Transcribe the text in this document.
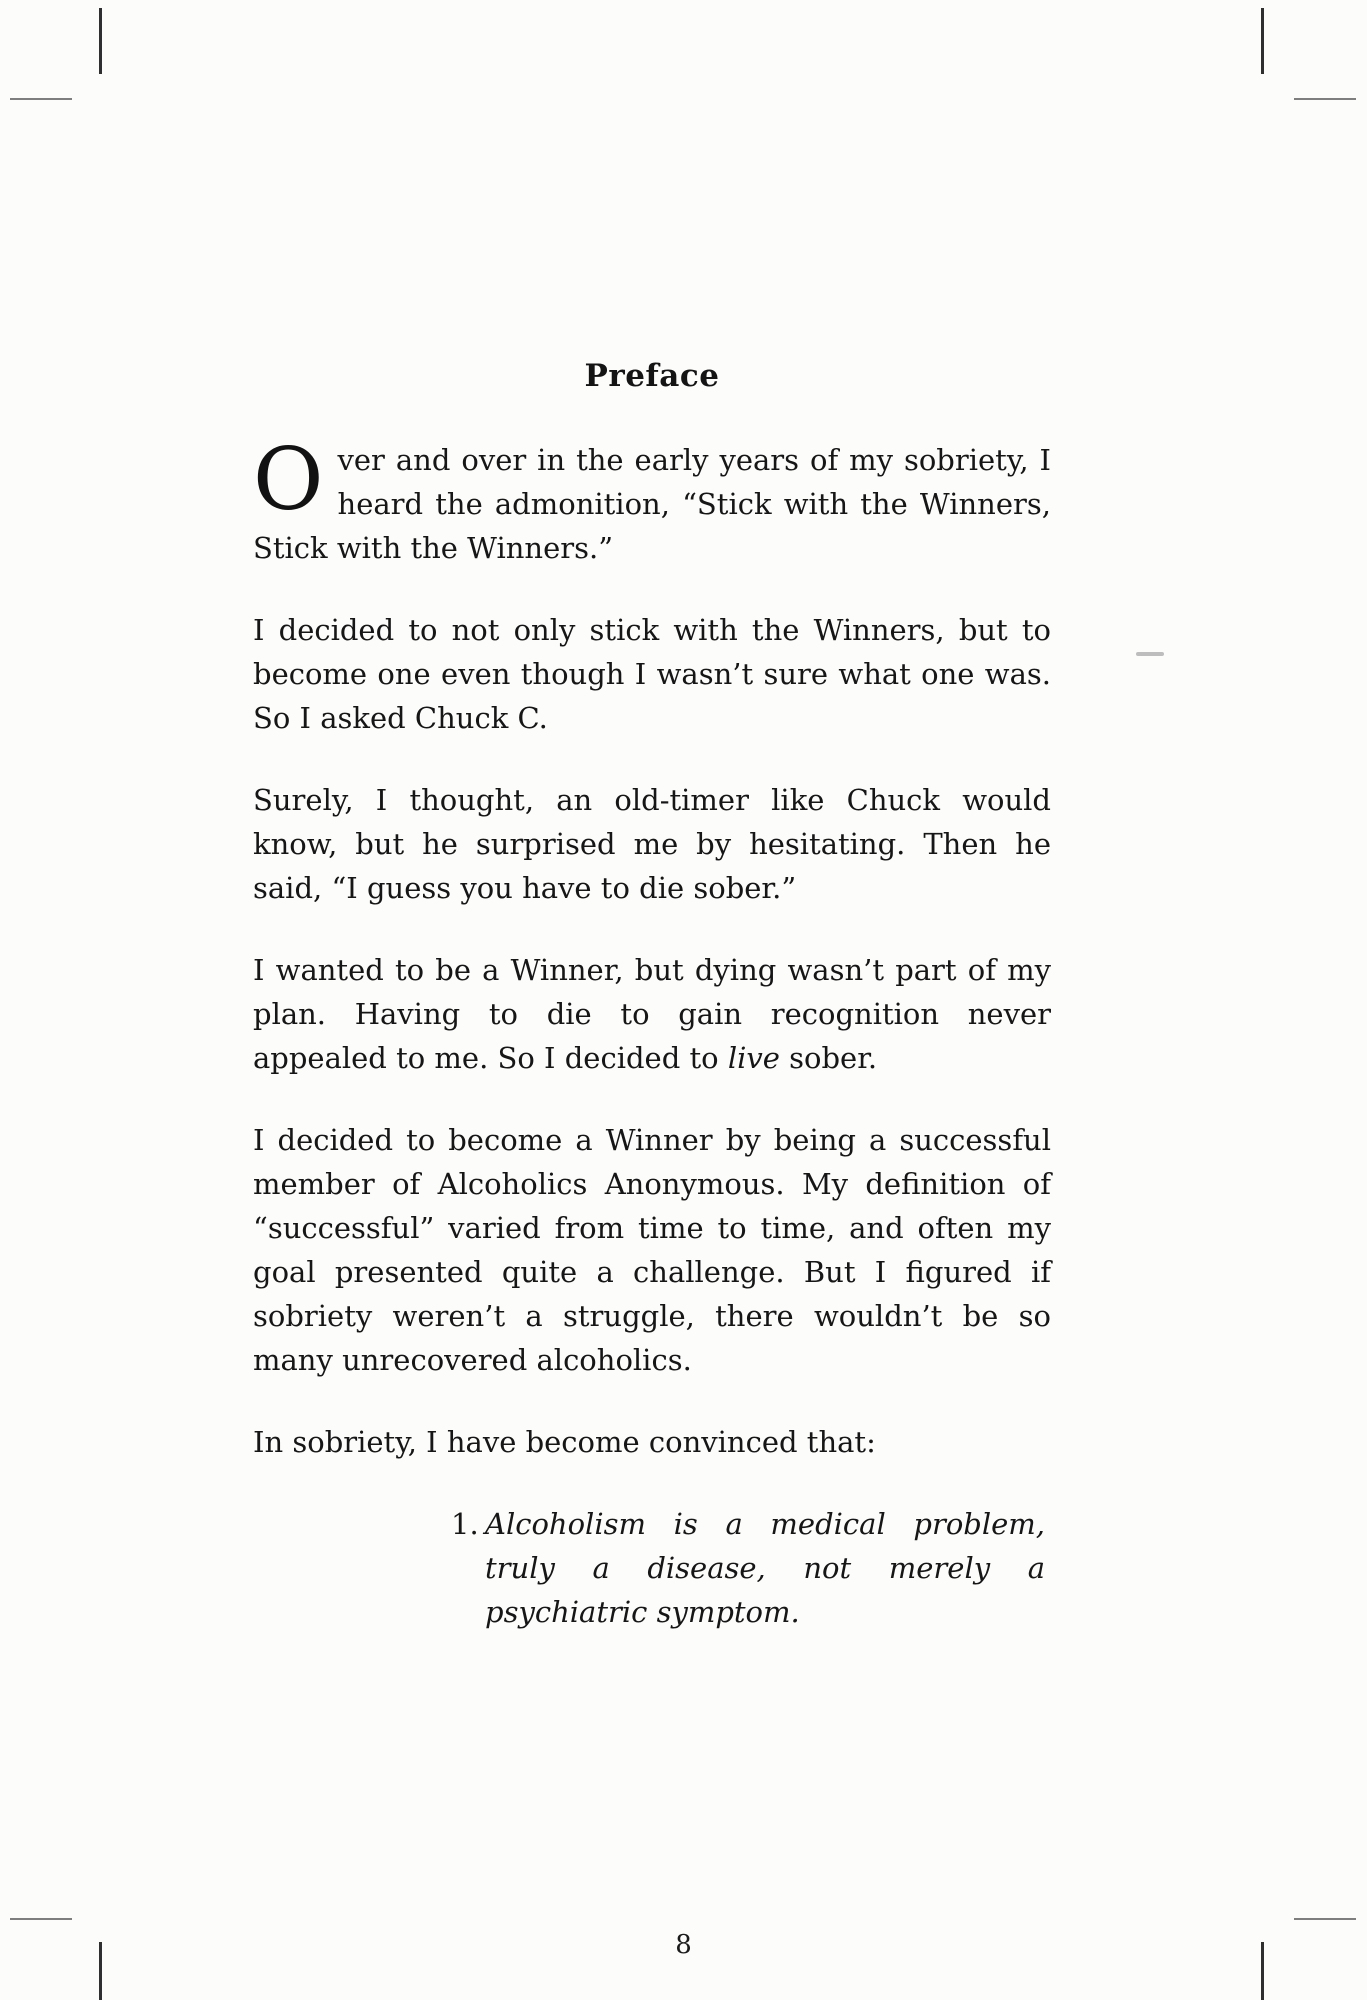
Preface

Over and over in the early years of my sobriety, I heard the admonition, “Stick with the Winners, Stick with the Winners.”

I decided to not only stick with the Winners, but to become one even though I wasn’t sure what one was. So I asked Chuck C.

Surely, I thought, an old-timer like Chuck would know, but he surprised me by hesitating. Then he said, “I guess you have to die sober.”

I wanted to be a Winner, but dying wasn’t part of my plan. Having to die to gain recognition never appealed to me. So I decided to live sober.

I decided to become a Winner by being a successful member of Alcoholics Anonymous. My definition of “successful” varied from time to time, and often my goal presented quite a challenge. But I figured if sobriety weren’t a struggle, there wouldn’t be so many unrecovered alcoholics.

In sobriety, I have become convinced that:

1. Alcoholism is a medical problem, truly a disease, not merely a psychiatric symptom.
8
